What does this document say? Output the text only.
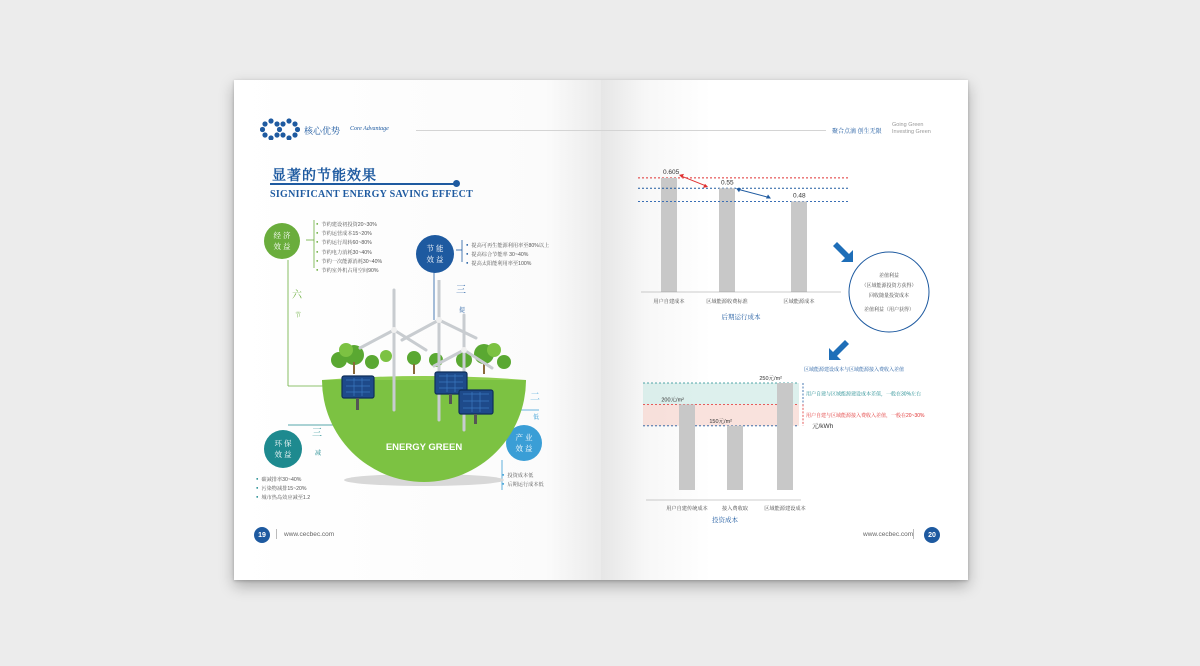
核心优势 Core Advantage
显著的节能效果
SIGNIFICANT ENERGY SAVING EFFECT
经 济
效 益
● 节约建设初投资20~30%
● 节约运营成本15~20%
● 节约运行周转60~80%
● 节约电力消耗30~40%
● 节约一次能源消耗30~40%
● 节约室外机占用空间90%
节 能
效 益
● 提高可再生能源利用率至80%以上
● 提高综合节能率 30~40%
● 提高太阳能利用率至100%
环 保
效 益
● 碳减排率30~40%
● 污染物减排15~20%
● 城市热岛效应减至1.2
产 业
效 益
● 投资成本低
● 后期运行成本低
六
节
三
提
三
减
二
低
ENERGY GREEN
19	www.cecbec.com
聚合点滴 创生无限
Going Green
Investing Green
0.605
用户自建成本
0.55
区域能源收费标准
0.48
区域能源成本
后期运行成本
差值利益
（区域能源投资方获得）
回收随量投资成本
差值利益（用户获得）
200元/m²
用户自建传统成本
150元/m²
接入费收取
250元/m²
区域能源建设成本
投资成本
元/kWh
区域能源建设成本与区域能源接入费收入差值
用户自建与区域能源建设成本差值，一般在30%左右
用户自建与区域能源接入费收入差值，一般在20~30%
www.cecbec.com	20
